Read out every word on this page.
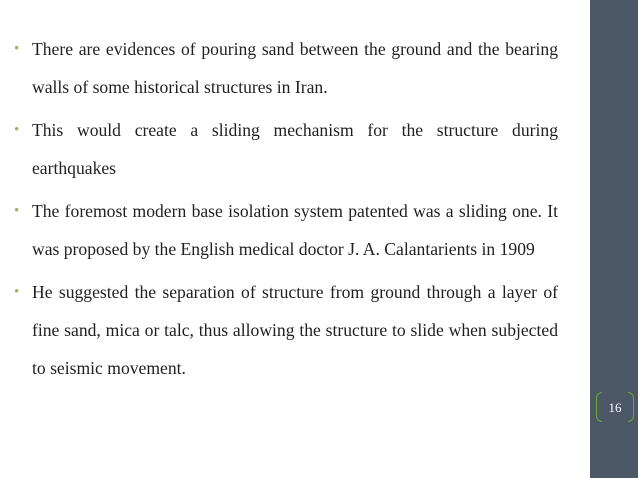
• There are evidences of pouring sand between the ground and the bearing walls of some historical structures in Iran.
• This would create a sliding mechanism for the structure during earthquakes
• The foremost modern base isolation system patented was a sliding one. It was proposed by the English medical doctor J. A. Calantarients in 1909
• He suggested the separation of structure from ground through a layer of fine sand, mica or talc, thus allowing the structure to slide when subjected to seismic movement.
16
